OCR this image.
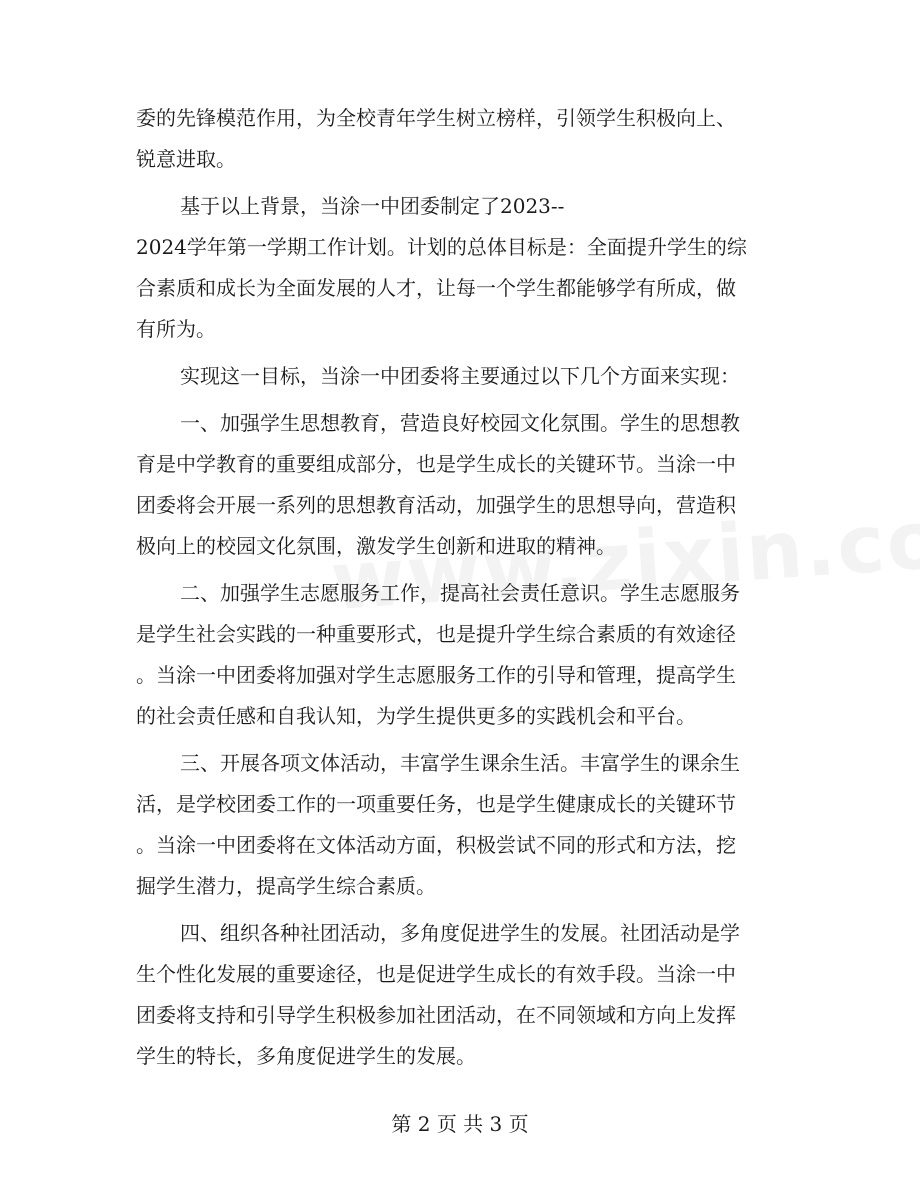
委的先锋模范作用，为全校青年学生树立榜样，引领学生积极向上、
锐意进取。
基于以上背景，当涂一中团委制定了2023--
2024学年第一学期工作计划。计划的总体目标是：全面提升学生的综
合素质和成长为全面发展的人才，让每一个学生都能够学有所成，做
有所为。
实现这一目标，当涂一中团委将主要通过以下几个方面来实现：
一、加强学生思想教育，营造良好校园文化氛围。学生的思想教
育是中学教育的重要组成部分，也是学生成长的关键环节。当涂一中
团委将会开展一系列的思想教育活动，加强学生的思想导向，营造积
极向上的校园文化氛围，激发学生创新和进取的精神。
二、加强学生志愿服务工作，提高社会责任意识。学生志愿服务
是学生社会实践的一种重要形式，也是提升学生综合素质的有效途径
。当涂一中团委将加强对学生志愿服务工作的引导和管理，提高学生
的社会责任感和自我认知，为学生提供更多的实践机会和平台。
三、开展各项文体活动，丰富学生课余生活。丰富学生的课余生
活，是学校团委工作的一项重要任务，也是学生健康成长的关键环节
。当涂一中团委将在文体活动方面，积极尝试不同的形式和方法，挖
掘学生潜力，提高学生综合素质。
四、组织各种社团活动，多角度促进学生的发展。社团活动是学
生个性化发展的重要途径，也是促进学生成长的有效手段。当涂一中
团委将支持和引导学生积极参加社团活动，在不同领域和方向上发挥
学生的特长，多角度促进学生的发展。
第 2 页 共 3 页
